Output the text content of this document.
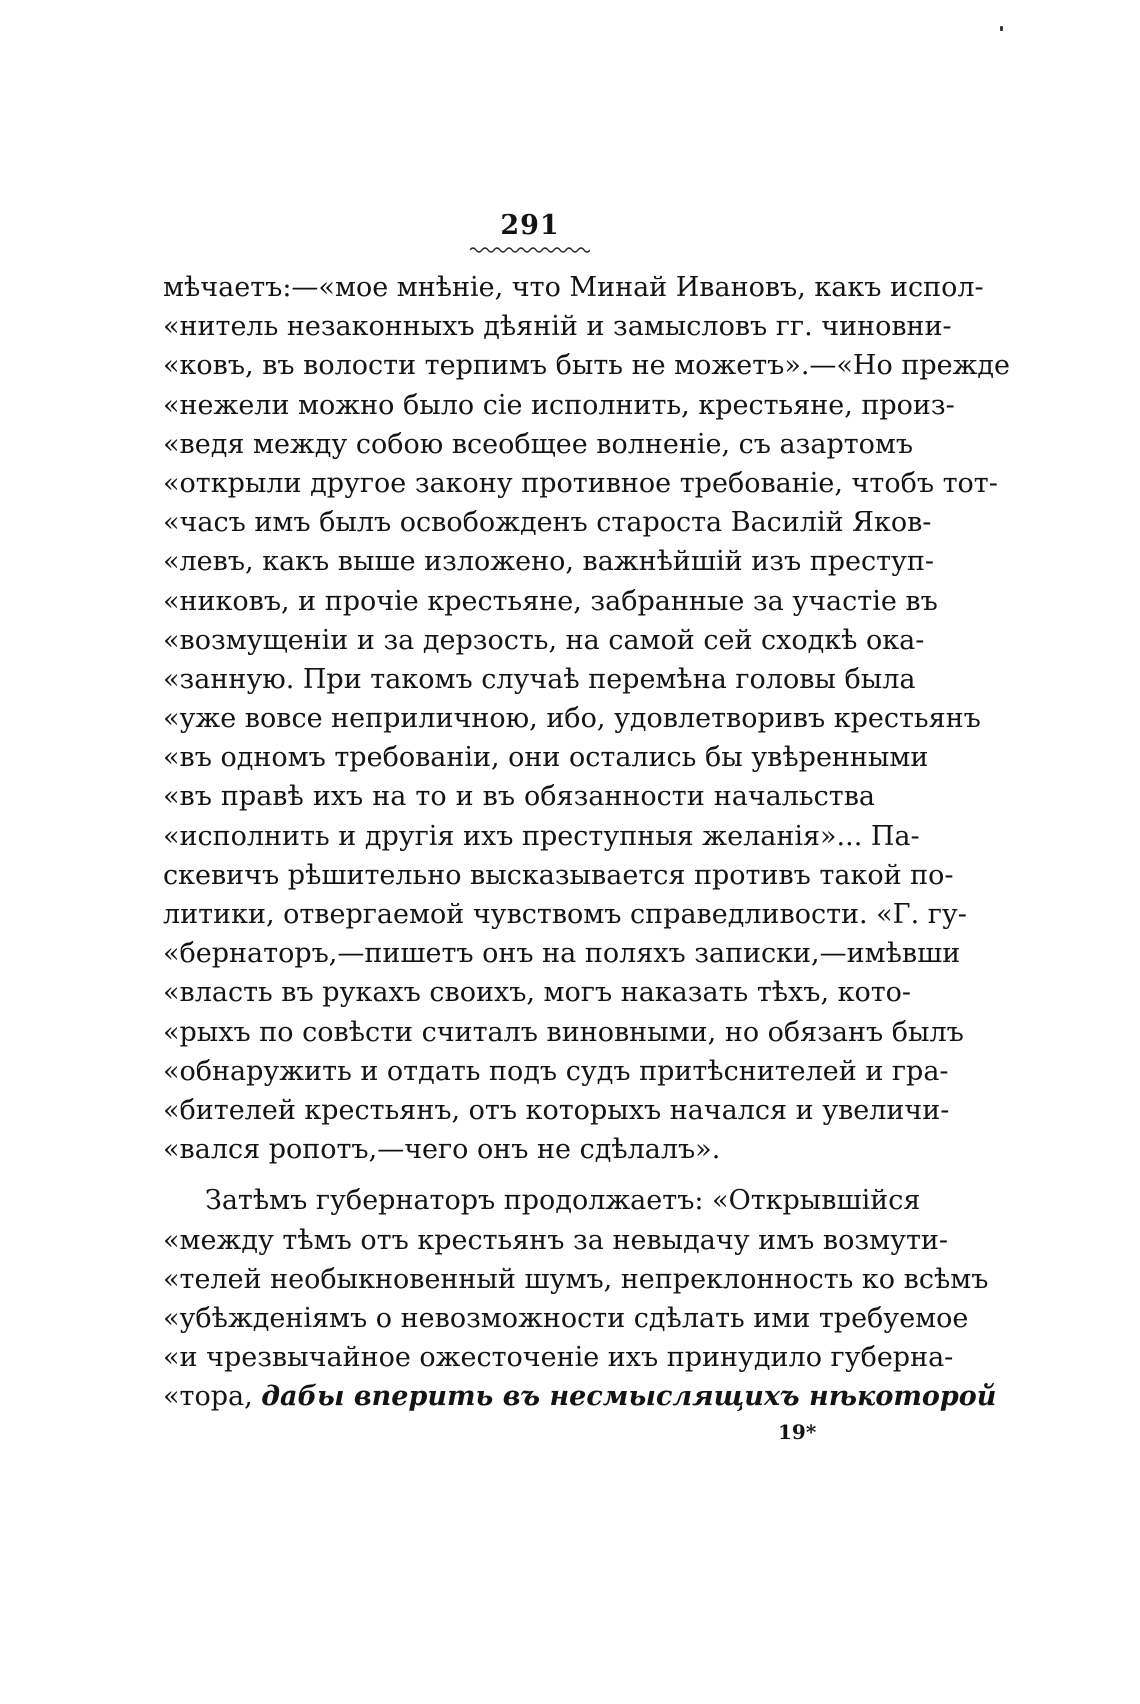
291
мѣчаетъ:—«мое мнѣніе, что Минай Ивановъ, какъ испол-
«нитель незаконныхъ дѣяній и замысловъ гг. чиновни-
«ковъ, въ волости терпимъ быть не можетъ».—«Но прежде
«нежели можно было сіе исполнить, крестьяне, произ-
«ведя между собою всеобщее волненіе, съ азартомъ
«открыли другое закону противное требованіе, чтобъ тот-
«часъ имъ былъ освобожденъ староста Василій Яков-
«левъ, какъ выше изложено, важнѣйшій изъ преступ-
«никовъ, и прочіе крестьяне, забранные за участіе въ
«возмущеніи и за дерзость, на самой сей сходкѣ ока-
«занную. При такомъ случаѣ перемѣна головы была
«уже вовсе неприличною, ибо, удовлетворивъ крестьянъ
«въ одномъ требованіи, они остались бы увѣренными
«въ правѣ ихъ на то и въ обязанности начальства
«исполнить и другія ихъ преступныя желанія»... Па-
скевичъ рѣшительно высказывается противъ такой по-
литики, отвергаемой чувствомъ справедливости. «Г. гу-
«бернаторъ,—пишетъ онъ на поляхъ записки,—имѣвши
«власть въ рукахъ своихъ, могъ наказать тѣхъ, кото-
«рыхъ по совѣсти считалъ виновными, но обязанъ былъ
«обнаружить и отдать подъ судъ притѣснителей и гра-
«бителей крестьянъ, отъ которыхъ начался и увеличи-
«вался ропотъ,—чего онъ не сдѣлалъ».
Затѣмъ губернаторъ продолжаетъ: «Открывшійся
«между тѣмъ отъ крестьянъ за невыдачу имъ возмути-
«телей необыкновенный шумъ, непреклонность ко всѣмъ
«убѣжденіямъ о невозможности сдѣлать ими требуемое
«и чрезвычайное ожесточеніе ихъ принудило губерна-
«тора, дабы вперить въ несмыслящихъ нѣкоторой
19*
